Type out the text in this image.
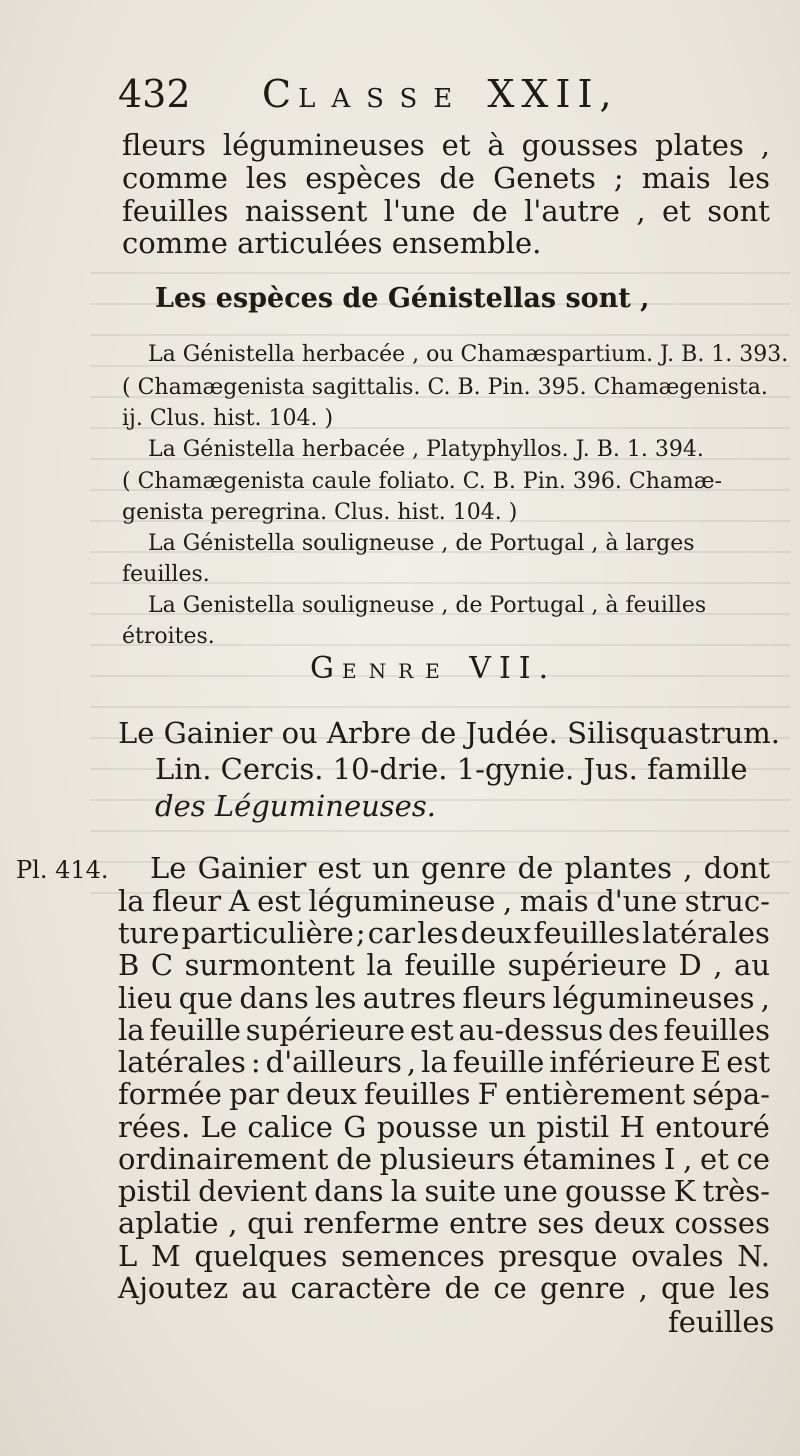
432 CLASSE XXII,
fleurs légumineuses et à gousses plates ,
comme les espèces de Genets ; mais les
feuilles naissent l'une de l'autre , et sont
comme articulées ensemble.
Les espèces de Génistellas sont ,
La Génistella herbacée , ou Chamæspartium. J. B. 1. 393.
( Chamægenista sagittalis. C. B. Pin. 395. Chamægenista.
ij. Clus. hist. 104. )
La Génistella herbacée , Platyphyllos. J. B. 1. 394.
( Chamægenista caule foliato. C. B. Pin. 396. Chamæ-
genista peregrina. Clus. hist. 104. )
La Génistella souligneuse , de Portugal , à larges
feuilles.
La Genistella souligneuse , de Portugal , à feuilles
étroites.
GENRE VII.
Le Gainier ou Arbre de Judée. Silisquastrum.
Lin. Cercis. 10-drie. 1-gynie. Jus. famille
des Légumineuses.
Pl. 414. Le Gainier est un genre de plantes , dont
la fleur A est légumineuse , mais d'une struc-
ture particulière ; car les deux feuilles latérales
B C surmontent la feuille supérieure D , au
lieu que dans les autres fleurs légumineuses ,
la feuille supérieure est au-dessus des feuilles
latérales : d'ailleurs , la feuille inférieure E est
formée par deux feuilles F entièrement sépa-
rées. Le calice G pousse un pistil H entouré
ordinairement de plusieurs étamines I , et ce
pistil devient dans la suite une gousse K très-
aplatie , qui renferme entre ses deux cosses
L M quelques semences presque ovales N.
Ajoutez au caractère de ce genre , que les
feuilles
